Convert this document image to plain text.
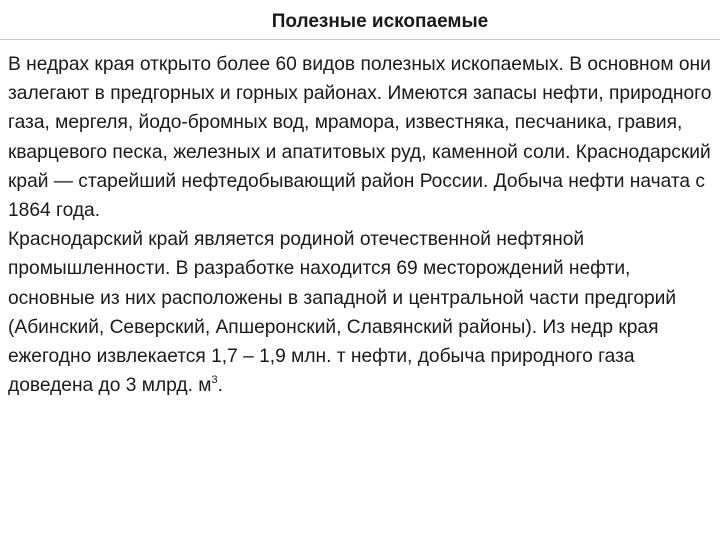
Полезные ископаемые

В недрах края открыто более 60 видов полезных ископаемых. В основном они залегают в предгорных и горных районах. Имеются запасы нефти, природного газа, мергеля, йодо-бромных вод, мрамора, известняка, песчаника, гравия, кварцевого песка, железных и апатитовых руд, каменной соли. Краснодарский край — старейший нефтедобывающий район России. Добыча нефти начата с 1864 года.

Краснодарский край является родиной отечественной нефтяной промышленности. В разработке находится 69 месторождений нефти, основные из них расположены в западной и центральной части предгорий (Абинский, Северский, Апшеронский, Славянский районы). Из недр края ежегодно извлекается 1,7 – 1,9 млн. т нефти, добыча природного газа доведена до 3 млрд. $м^3$.
